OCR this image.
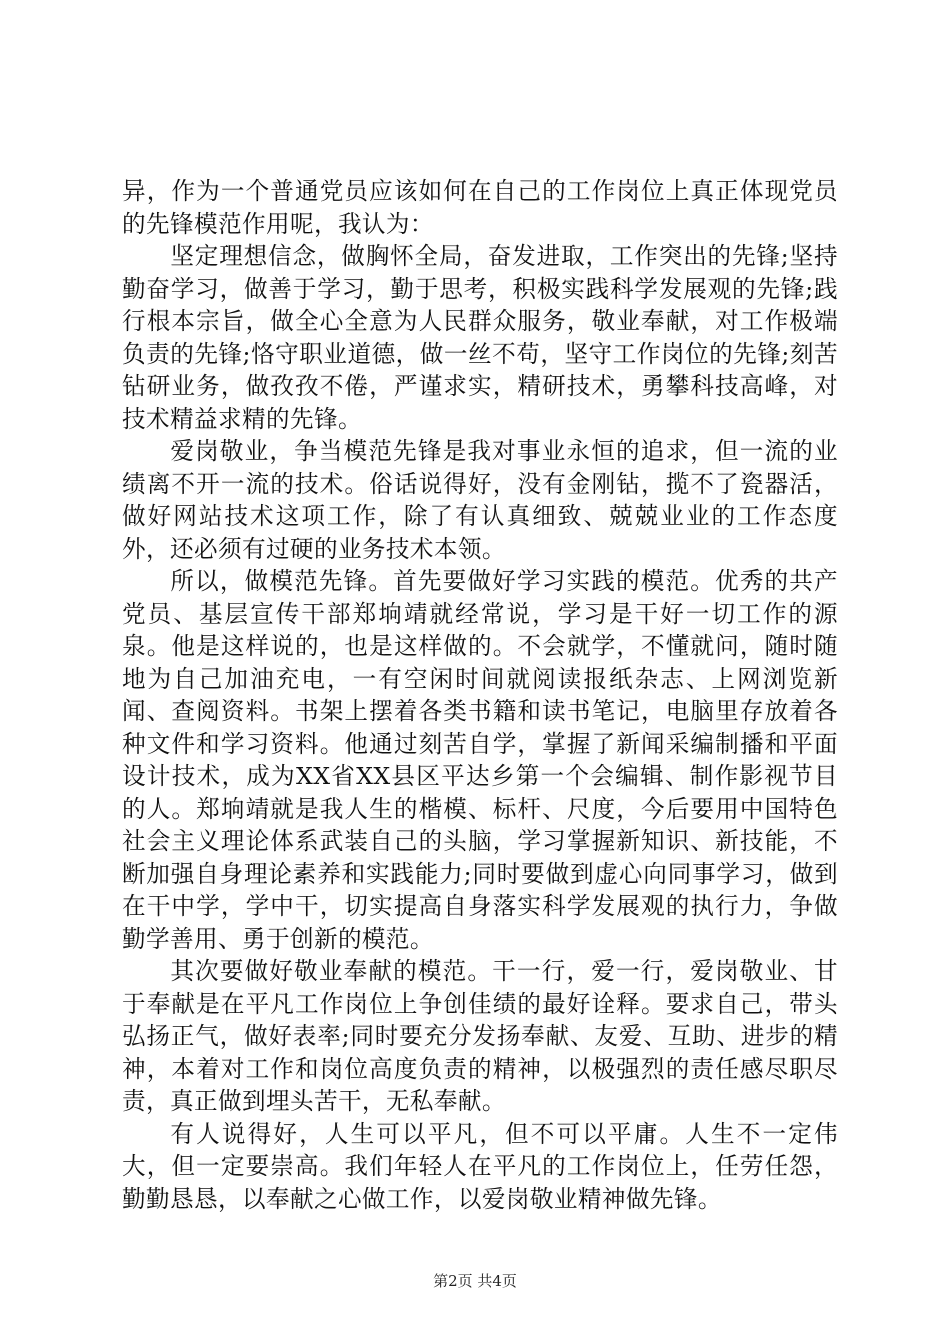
异，作为一个普通党员应该如何在自己的工作岗位上真正体现党员的先锋模范作用呢，我认为：

坚定理想信念，做胸怀全局，奋发进取，工作突出的先锋;坚持勤奋学习，做善于学习，勤于思考，积极实践科学发展观的先锋;践行根本宗旨，做全心全意为人民群众服务，敬业奉献，对工作极端负责的先锋;恪守职业道德，做一丝不苟，坚守工作岗位的先锋;刻苦钻研业务，做孜孜不倦，严谨求实，精研技术，勇攀科技高峰，对技术精益求精的先锋。

爱岗敬业，争当模范先锋是我对事业永恒的追求，但一流的业绩离不开一流的技术。俗话说得好，没有金刚钻，揽不了瓷器活，做好网站技术这项工作，除了有认真细致、兢兢业业的工作态度外，还必须有过硬的业务技术本领。

所以，做模范先锋。首先要做好学习实践的模范。优秀的共产党员、基层宣传干部郑垧靖就经常说，学习是干好一切工作的源泉。他是这样说的，也是这样做的。不会就学，不懂就问，随时随地为自己加油充电，一有空闲时间就阅读报纸杂志、上网浏览新闻、查阅资料。书架上摆着各类书籍和读书笔记，电脑里存放着各种文件和学习资料。他通过刻苦自学，掌握了新闻采编制播和平面设计技术，成为XX省XX县区平达乡第一个会编辑、制作影视节目的人。郑垧靖就是我人生的楷模、标杆、尺度，今后要用中国特色社会主义理论体系武装自己的头脑，学习掌握新知识、新技能，不断加强自身理论素养和实践能力;同时要做到虚心向同事学习，做到在干中学，学中干，切实提高自身落实科学发展观的执行力，争做勤学善用、勇于创新的模范。

其次要做好敬业奉献的模范。干一行，爱一行，爱岗敬业、甘于奉献是在平凡工作岗位上争创佳绩的最好诠释。要求自己，带头弘扬正气，做好表率;同时要充分发扬奉献、友爱、互助、进步的精神，本着对工作和岗位高度负责的精神，以极强烈的责任感尽职尽责，真正做到埋头苦干，无私奉献。

有人说得好，人生可以平凡，但不可以平庸。人生不一定伟大，但一定要崇高。我们年轻人在平凡的工作岗位上，任劳任怨，勤勤恳恳，以奉献之心做工作，以爱岗敬业精神做先锋。

第2页 共4页
